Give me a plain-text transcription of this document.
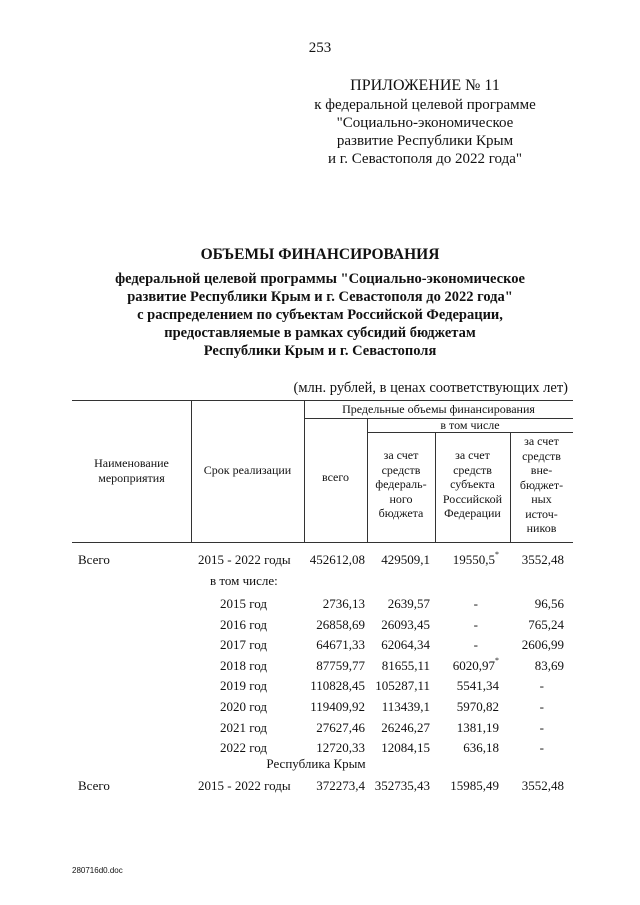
253
ПРИЛОЖЕНИЕ № 11
к федеральной целевой программе
"Социально-экономическое
развитие Республики Крым
и г. Севастополя до 2022 года"
ОБЪЕМЫ ФИНАНСИРОВАНИЯ
федеральной целевой программы "Социально-экономическое
развитие Республики Крым и г. Севастополя до 2022 года"
с распределением по субъектам Российской Федерации,
предоставляемые в рамках субсидий бюджетам
Республики Крым и г. Севастополя
(млн. рублей, в ценах соответствующих лет)
Наименование
мероприятия
Срок реализации
Предельные объемы финансирования
в том числе
всего
за счет
средств
федераль-
ного
бюджета
за счет
средств
субъекта
Российской
Федерации
за счет
средств
вне-
бюджет-
ных
источ-
ников
Всего	2015 - 2022 годы 452612,08 429509,1 19550,5* 3552,48
в том числе:
2015 год	2736,13 2639,57	-	96,56
2016 год	26858,69 26093,45	-	765,24
2017 год	64671,33 62064,34	-	2606,99
2018 год	87759,77 81655,11 6020,97*	83,69
2019 год	110828,45 105287,11 5541,34	-
2020 год	119409,92 113439,1 5970,82	-
2021 год	27627,46 26246,27 1381,19	-
2022 год	12720,33 12084,15	636,18	-
Республика Крым
Всего	2015 - 2022 годы 372273,4 352735,43 15985,49 3552,48
280716d0.doc
